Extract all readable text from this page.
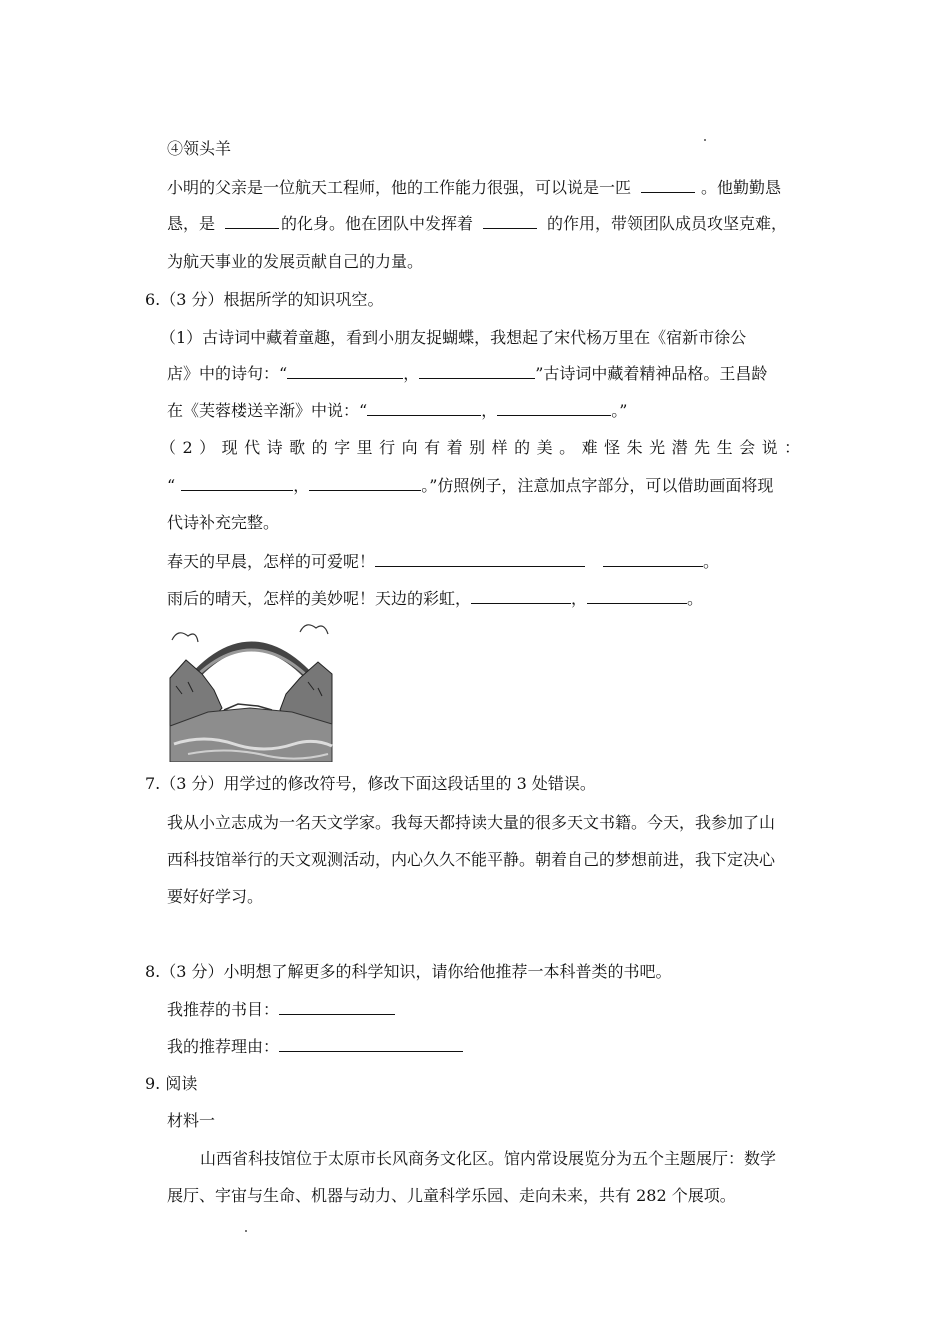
④领头羊
小明的父亲是一位航天工程师，他的工作能力很强，可以说是一匹	。他勤勤恳
恳，是	的化身。他在团队中发挥着	的作用，带领团队成员攻坚克难，
为航天事业的发展贡献自己的力量。
6.（3 分）根据所学的知识巩空。
（1）古诗词中藏着童趣，看到小朋友捉蝴蝶，我想起了宋代杨万里在《宿新市徐公
店》中的诗句：“	，	”古诗词中藏着精神品格。王昌龄
在《芙蓉楼送辛渐》中说：“	，	。”
（2）现代诗歌的字里行向有着别样的美。难怪朱光潜先生会说：
“	，	。”仿照例子，注意加点字部分，可以借助画面将现
代诗补充完整。
春天的早晨，怎样的可爱呢！	。
雨后的晴天，怎样的美妙呢！天边的彩虹，	，	。
7.（3 分）用学过的修改符号，修改下面这段话里的 3 处错误。
我从小立志成为一名天文学家。我每天都持读大量的很多天文书籍。今天，我参加了山
西科技馆举行的天文观测活动，内心久久不能平静。朝着自己的梦想前进，我下定决心
要好好学习。
8.（3 分）小明想了解更多的科学知识，请你给他推荐一本科普类的书吧。
我推荐的书目：
我的推荐理由：
9. 阅读
材料一
山西省科技馆位于太原市长风商务文化区。馆内常设展览分为五个主题展厅：数学
展厅、宇宙与生命、机器与动力、儿童科学乐园、走向未来，共有 282 个展项。
